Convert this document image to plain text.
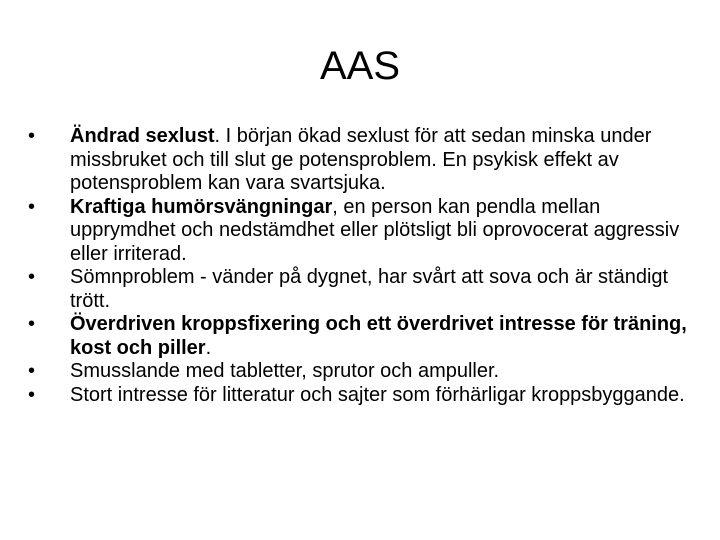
AAS
•	Ändrad sexlust. I början ökad sexlust för att sedan minska under missbruket och till slut ge potensproblem. En psykisk effekt av potensproblem kan vara svartsjuka.
•	Kraftiga humörsvängningar, en person kan pendla mellan upprymdhet och nedstämdhet eller plötsligt bli oprovocerat aggressiv eller irriterad.
•	Sömnproblem - vänder på dygnet, har svårt att sova och är ständigt trött.
•	Överdriven kroppsfixering och ett överdrivet intresse för träning, kost och piller.
•	Smusslande med tabletter, sprutor och ampuller.
•	Stort intresse för litteratur och sajter som förhärligar kroppsbyggande.
